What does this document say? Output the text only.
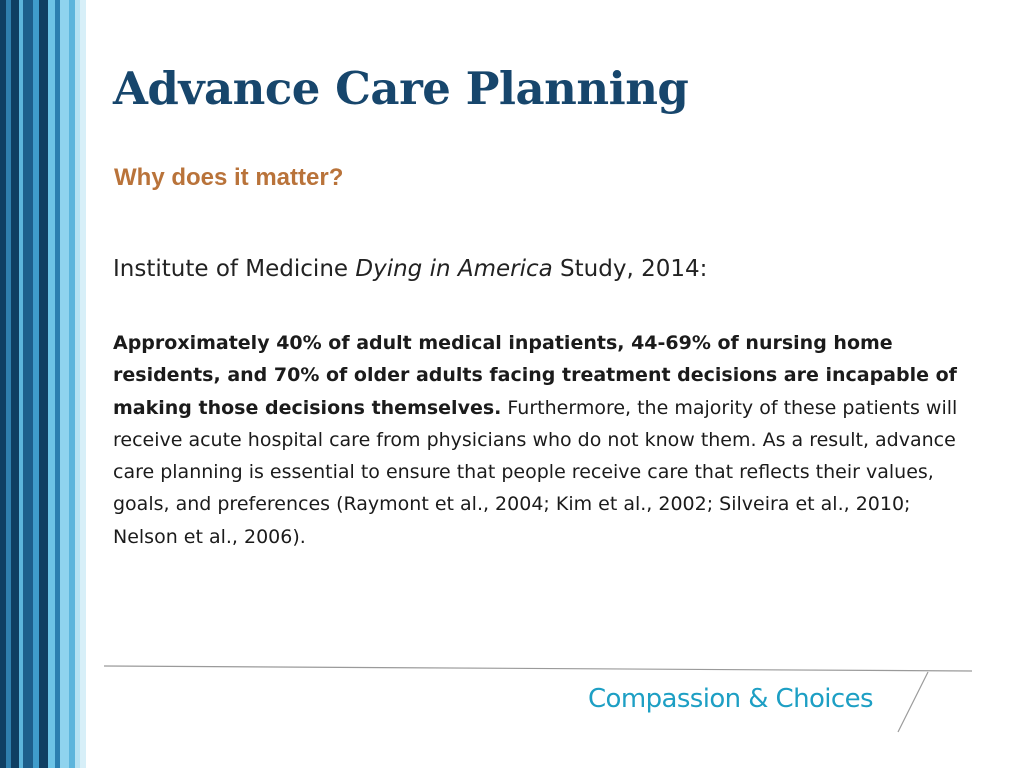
Advance Care Planning
Why does it matter?

Institute of Medicine Dying in America Study, 2014:

Approximately 40% of adult medical inpatients, 44-69% of nursing home residents, and 70% of older adults facing treatment decisions are incapable of making those decisions themselves. Furthermore, the majority of these patients will receive acute hospital care from physicians who do not know them. As a result, advance care planning is essential to ensure that people receive care that reflects their values, goals, and preferences (Raymont et al., 2004; Kim et al., 2002; Silveira et al., 2010; Nelson et al., 2006).

Compassion & Choices
